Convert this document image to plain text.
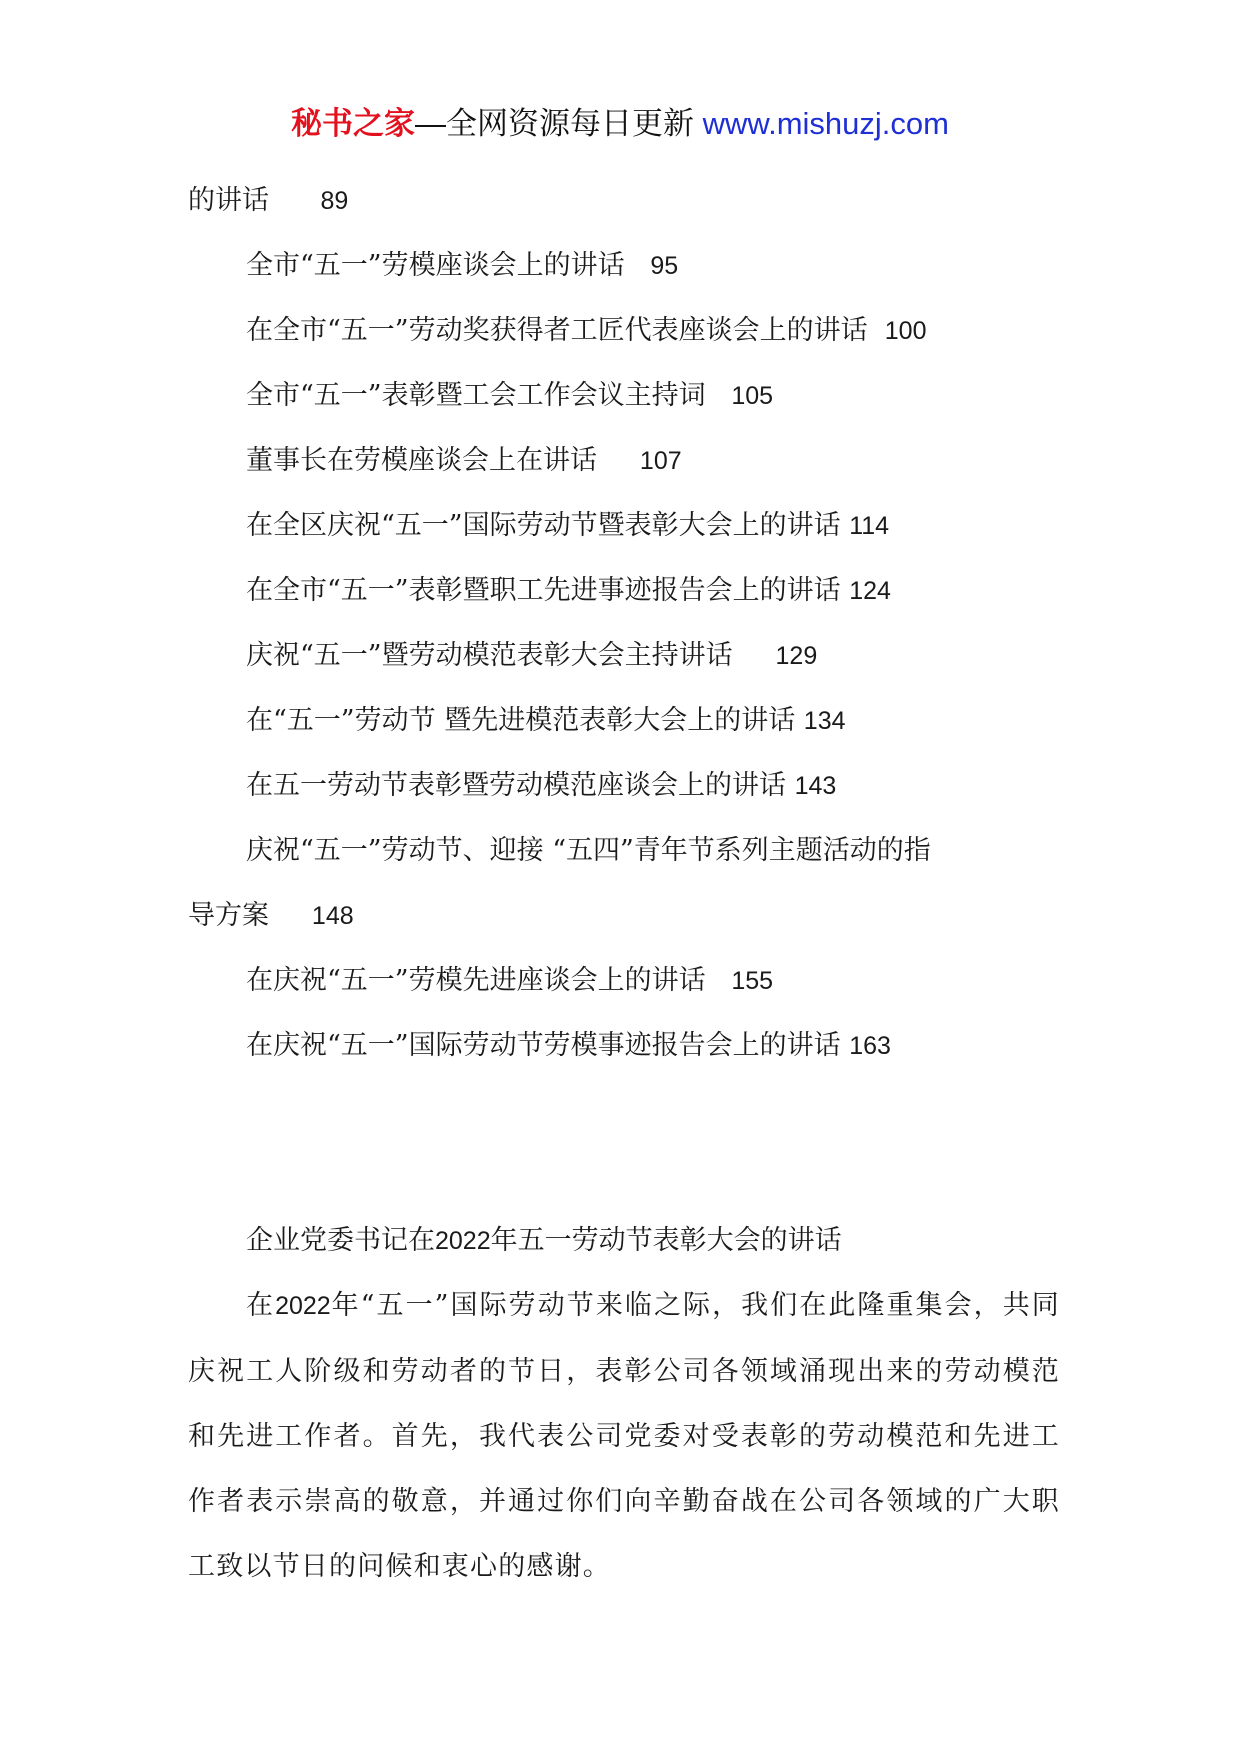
秘书之家—全网资源每日更新 www.mishuzj.com
的讲话 89
全市“五一”劳模座谈会上的讲话 95
在全市“五一”劳动奖获得者工匠代表座谈会上的讲话 100
全市“五一”表彰暨工会工作会议主持词 105
董事长在劳模座谈会上在讲话 107
在全区庆祝“五一”国际劳动节暨表彰大会上的讲话 114
在全市“五一”表彰暨职工先进事迹报告会上的讲话 124
庆祝“五一”暨劳动模范表彰大会主持讲话 129
在“五一”劳动节 暨先进模范表彰大会上的讲话 134
在五一劳动节表彰暨劳动模范座谈会上的讲话 143
庆祝“五一”劳动节、迎接 “五四”青年节系列主题活动的指
导方案 148
在庆祝“五一”劳模先进座谈会上的讲话 155
在庆祝“五一”国际劳动节劳模事迹报告会上的讲话 163
企业党委书记在2022年五一劳动节表彰大会的讲话
在2022年“五一”国际劳动节来临之际，我们在此隆重集会，共同庆祝工人阶级和劳动者的节日，表彰公司各领域涌现出来的劳动模范和先进工作者。首先，我代表公司党委对受表彰的劳动模范和先进工作者表示崇高的敬意，并通过你们向辛勤奋战在公司各领域的广大职工致以节日的问候和衷心的感谢。
